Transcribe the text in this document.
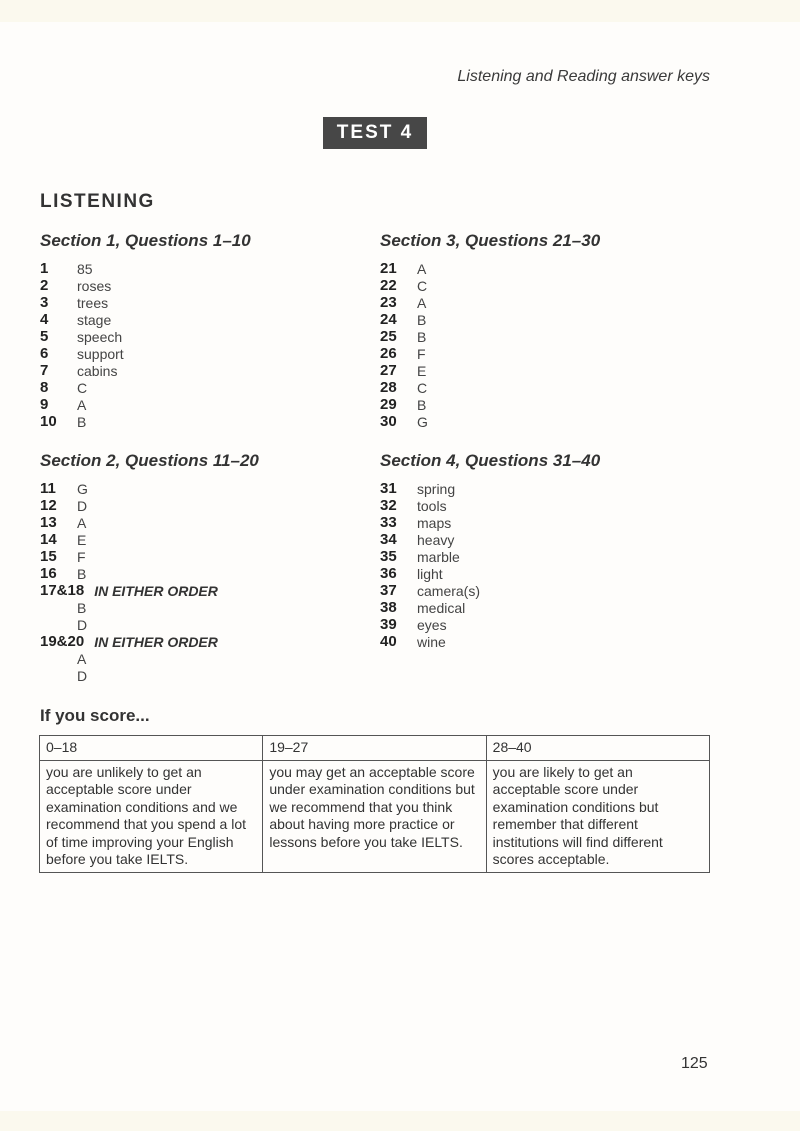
Listening and Reading answer keys
TEST 4
LISTENING
Section 1, Questions 1–10
1	85
2	roses
3	trees
4	stage
5	speech
6	support
7	cabins
8	C
9	A
10	B
Section 3, Questions 21–30
21	A
22	C
23	A
24	B
25	B
26	F
27	E
28	C
29	B
30	G
Section 2, Questions 11–20
11	G
12	D
13	A
14	E
15	F
16	B
17&18 IN EITHER ORDER
B
D
19&20 IN EITHER ORDER
A
D
Section 4, Questions 31–40
31	spring
32	tools
33	maps
34	heavy
35	marble
36	light
37	camera(s)
38	medical
39	eyes
40	wine
If you score...
0–18	19–27	28–40
you are unlikely to get an acceptable score under examination conditions and we recommend that you spend a lot of time improving your English before you take IELTS.	you may get an acceptable score under examination conditions but we recommend that you think about having more practice or lessons before you take IELTS.	you are likely to get an acceptable score under examination conditions but remember that different institutions will find different scores acceptable.
125
